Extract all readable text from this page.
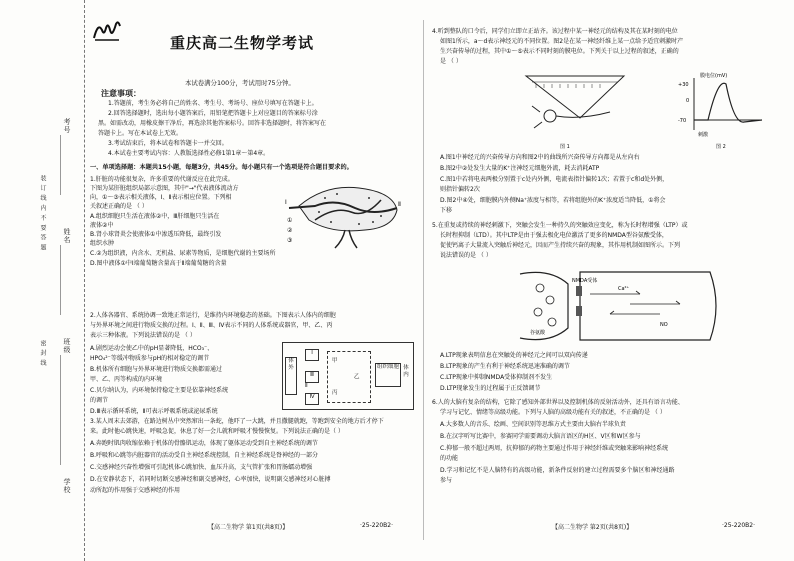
考号
装 订 线 内 不 要 答 题 姓名
密 封 线 班级
学校
重庆高二生物学考试
本试卷满分100分，考试用时75分钟。
注意事项：
1.答题前，考生务必将自己的姓名、考生号、考场号、座位号填写在答题卡上。
2.回答选择题时，选出每小题答案后，用铅笔把答题卡上对应题目的答案标号涂
黑。如需改动，用橡皮擦干净后，再选涂其他答案标号。回答非选择题时，将答案写在
答题卡上。写在本试卷上无效。
3.考试结束后，将本试卷和答题卡一并交回。
4.本试卷主要考试内容：人教版选择性必修1第1章～第4章。
一、单项选择题：本题共15小题，每题3分，共45分。每小题只有一个选项是符合题目要求的。
1.肝脏的功能很复杂，许多重要的代谢反应在此完成。
下图为某肝脏组织局部示意图，其中"→"代表液体流动方
向，①～③表示相关液体，Ⅰ、Ⅱ表示相应位置。下列相
关叙述正确的是 （ ）
A.组织细胞只生活在液体②中，Ⅲ肝细胞只生活在
液体②中
B.肾小球肾炎会使液体①中渗透压降低，最终引发
组织水肿
C.②为组织液，内含水、无机盐、尿素等物质，是细胞代谢的主要场所
D.图中液体①中Ⅰ端葡萄糖含量高于Ⅱ端葡萄糖的含量
Ⅰ	Ⅱ
①
②
③
2.人体各器官、系统协调一致地正常运行，是维持内环境稳态的基础。下图表示人体内的细胞
与外界环境之间进行物质交换的过程。Ⅰ、Ⅱ、Ⅲ、Ⅳ表示不同的人体系统或器官，甲、乙、丙
表示三种体液。下列说法错误的是 （ ）
A.剧烈运动会使乙中的pH显著降低，HCO₃⁻、
HPO₄²⁻等缓冲物质参与pH的相对稳定的调节
B.机体所有细胞与外界环境进行物质交换都需通过
甲、乙、丙等构成的内环境
C.贝尔纳认为，内环境保持稳定主要是依靠神经系统
的调节
D.Ⅲ表示循环系统，Ⅱ可表示呼吸系统或泌尿系统
体外
Ⅰ
Ⅲ
Ⅳ
甲
乙
丙
组织细胞 体内
Ⅱ
3.某人周末去郊游，在路边树丛中突然窜出一条蛇，他吓了一大跳，并且撒腿就跑，等跑到安全的地方后才停下
来。此时他心跳快速，呼吸急促，休息了好一会儿就和呼吸才慢慢恢复。下列说法正确的是（ ）
A.奔跑时肌肉收缩依赖于机体的骨骼肌运动，体现了躯体运动受到自主神经系统的调节
B.呼吸和心跳等内脏器官的活动受自主神经系统控制，自主神经系统是脊神经的一部分
C.交感神经兴奋性增强可引起机体心跳加快、血压升高，支气管扩张和胃肠蠕动增强
D.在安静状态下，若同时切断交感神经和副交感神经，心率加快，说明副交感神经对心脏搏
动所起的作用强于交感神经的作用
【高二生物学 第1页(共8页)】	·25-220B2·
4.听到整队的口令后，同学们立即立正站齐。该过程中某一神经元的结构及其在某时刻的电位
如图1所示，a～d表示神经元的不同位置。图2是在某一神经纤维上某一点给予适宜刺激时产
生兴奋传导的过程，其中①～⑤表示不同时刻的膜电位。下列关于以上过程的叙述，正确的
是 （ ）
图 1
膜电位(mV)
+30
0
-70
刺激
图 2
A.图1中神经元的兴奋传导方向和图2中的曲线所兴奋传导方向都是从左向右
B.图2中②处发生大量的K⁺注神经元细胞外流，耗去消耗ATP
C.图1中若将电表两极分别置于c处内外侧，电流表指针偏转1次；若置于c和d处外侧，
则指针偏转2次
D.图2中④处，细胞膜内外侧Na⁺浓度与相等，若将组胞外的K⁺浓度适当降低，①将会
下移
5.在重复或持续的神经刺激下，突触会发生一种持久的突触效应变化，称为长时程增强（LTP）或
长时程抑制（LTD）。其中LTP是由于强去极化电位激活了更多的NMDA型谷氨酸受体，
促使钙离子大量流入突触后神经元，因而产生持续兴奋的现象，其作用机制如图所示。下列
说法错误的是 （ ）
NMDA受体
Ca²⁺
谷氨酸
NO
A.LTP现象表明信息在突触处的神经元之间可以双向传递
B.LTP现象的产生有利于神经系统迅速准确的调节
C.LTP现象中抑制NMDA受体抑制剂不发生
D.LTP现象发生的过程属于正反馈调节
6.人的大脑有复杂的结构，它除了感知外部世界以及控制机体的反射活动外，还具有语言功能、
学习与记忆、情绪等高级功能。下列与人脑的高级功能有关的叙述，不正确的是 （ ）
A.大多数人的音乐、绘画、空间识别等思维方式主要由大脑右半球负责
B.在汉字听写比赛中，参赛同学需要调动大脑言语区的H区、V区和W区参与
C.抑郁一般不超过两周，抗抑郁的药物主要通过作用于神经纤维或突触来影响神经系统
的功能
D.学习和记忆不是人脑特有的高级功能，新条件反射的建立过程需要多个脑区和神经通路
参与
【高二生物学 第2页(共8页)】	·25-220B2·
